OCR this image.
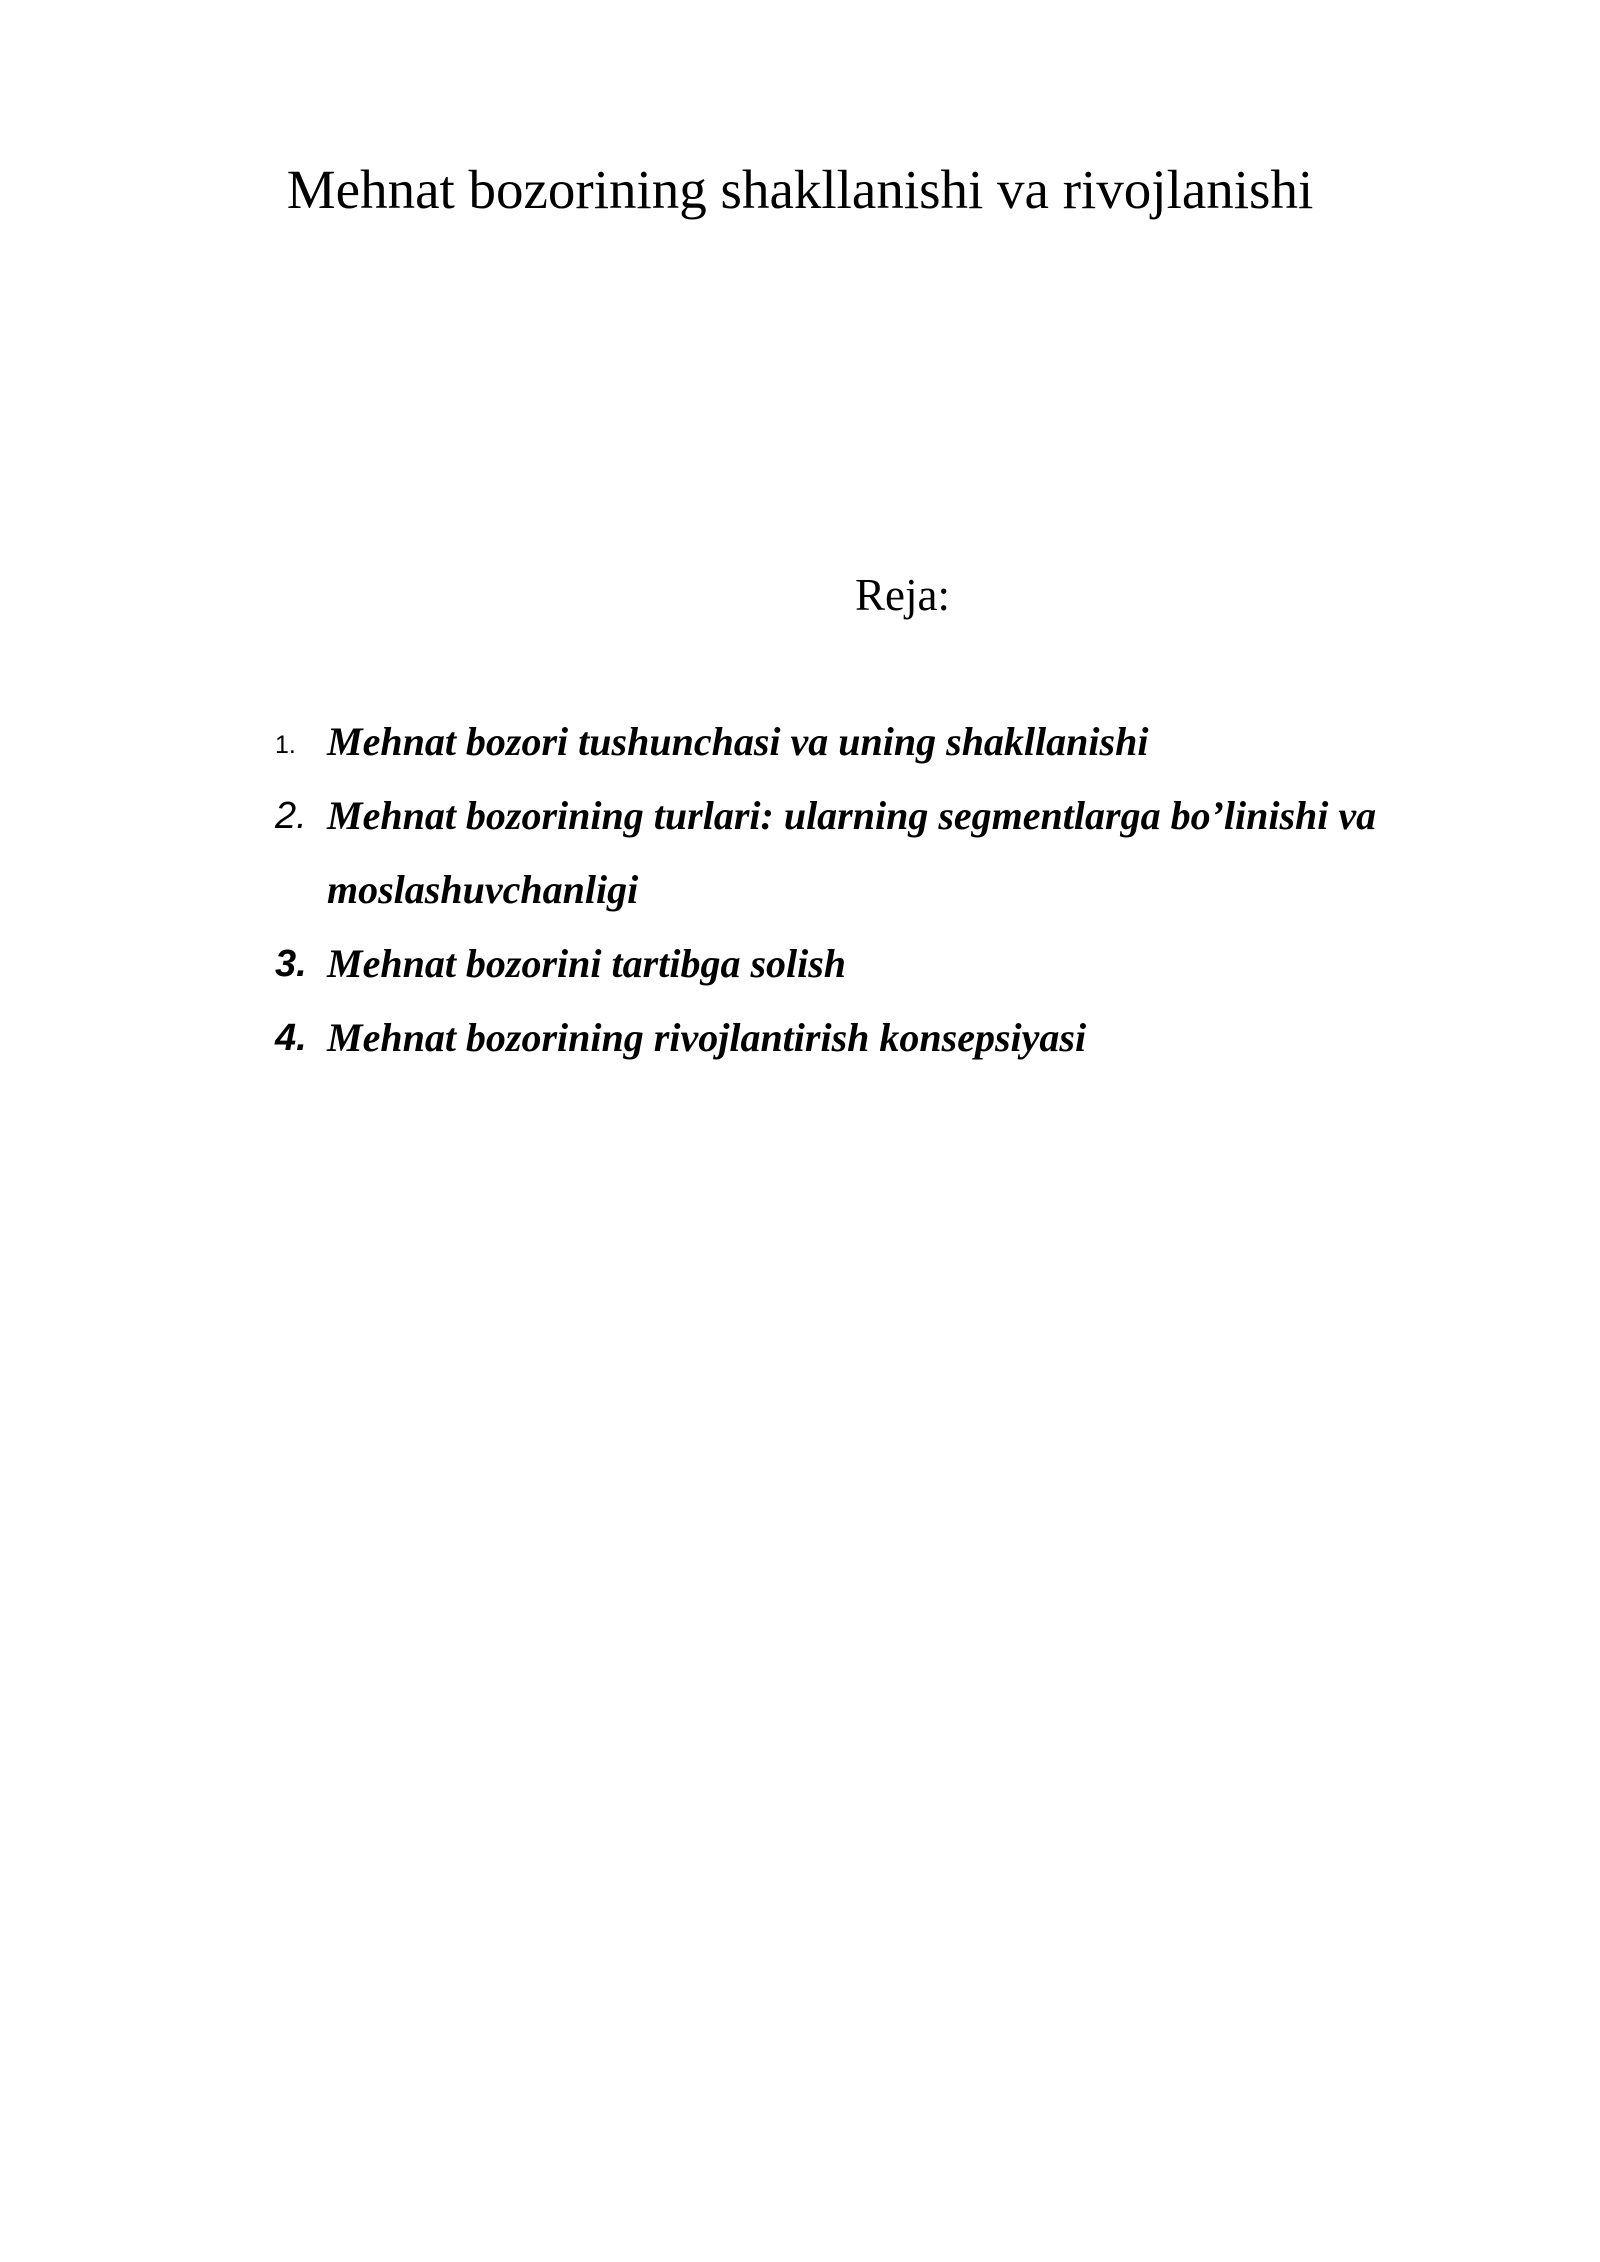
Mehnat bozorining shakllanishi va rivojlanishi
Reja:
1. Mehnat bozori tushunchasi va uning shakllanishi
2. Mehnat bozorining turlari: ularning segmentlarga bo’linishi va moslashuvchanligi
3. Mehnat bozorini tartibga solish
4. Mehnat bozorining rivojlantirish konsepsiyasi
